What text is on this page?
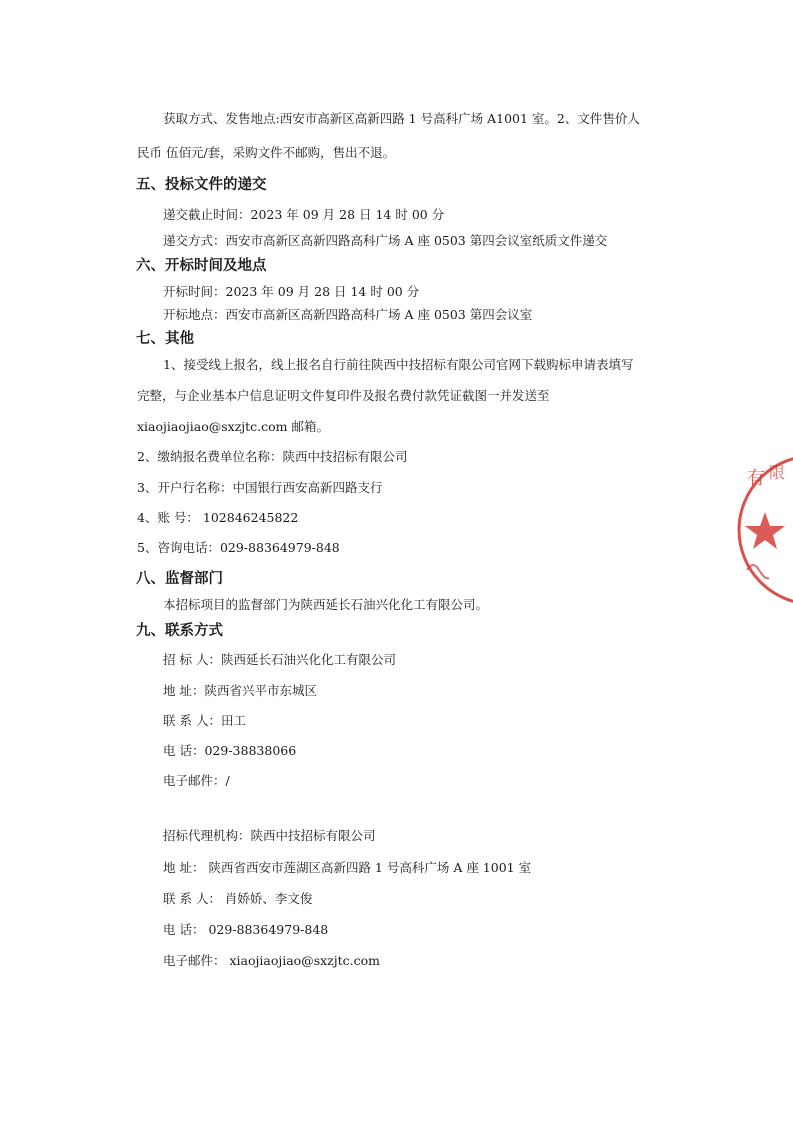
获取方式、发售地点:西安市高新区高新四路 1 号高科广场 A1001 室。2、文件售价人
民币 伍佰元/套，采购文件不邮购，售出不退。
五、投标文件的递交
递交截止时间：2023 年 09 月 28 日 14 时 00 分
递交方式：西安市高新区高新四路高科广场 A 座 0503 第四会议室纸质文件递交
六、开标时间及地点
开标时间：2023 年 09 月 28 日 14 时 00 分
开标地点：西安市高新区高新四路高科广场 A 座 0503 第四会议室
七、其他
1、接受线上报名，线上报名自行前往陕西中技招标有限公司官网下载购标申请表填写
完整，与企业基本户信息证明文件复印件及报名费付款凭证截图一并发送至
xiaojiaojiao@sxzjtc.com 邮箱。
2、缴纳报名费单位名称：陕西中技招标有限公司
3、开户行名称：中国银行西安高新四路支行
4、账 号： 102846245822
5、咨询电话：029-88364979-848
八、监督部门
本招标项目的监督部门为陕西延长石油兴化化工有限公司。
九、联系方式
招 标 人：陕西延长石油兴化化工有限公司
地 址：陕西省兴平市东城区
联 系 人：田工
电 话：029-38838066
电子邮件：/
招标代理机构：陕西中技招标有限公司
地 址： 陕西省西安市莲湖区高新四路 1 号高科广场 A 座 1001 室
联 系 人： 肖娇娇、李文俊
电 话： 029-88364979-848
电子邮件： xiaojiaojiao@sxzjtc.com
有 限
